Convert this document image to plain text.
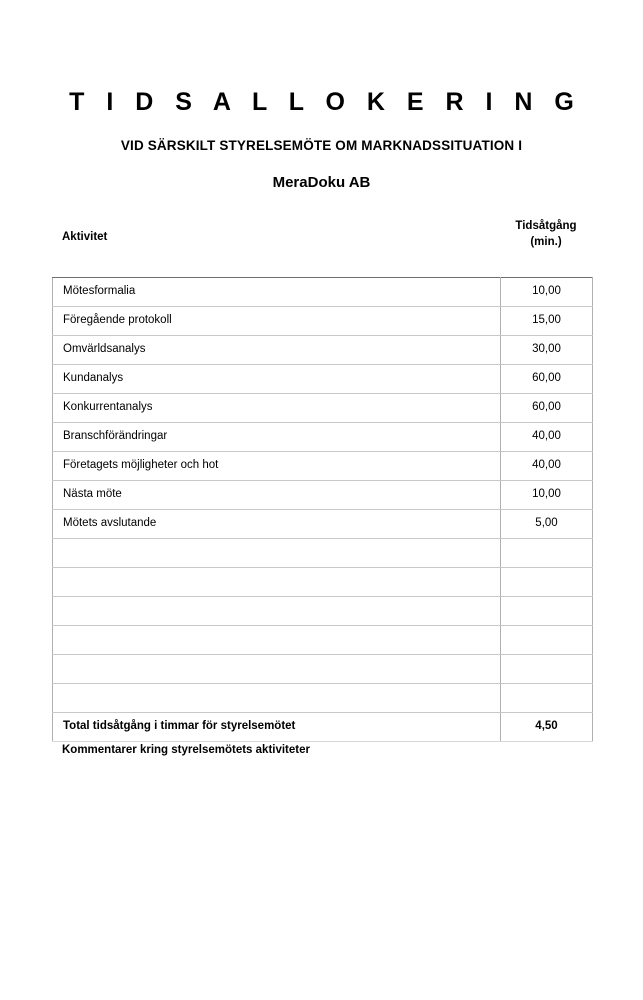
T I D S A L L O K E R I N G
VID SÄRSKILT STYRELSEMÖTE OM MARKNADSSITUATION I
MeraDoku AB
Aktivitet
Tidsåtgång
(min.)
Mötesformalia	10,00
Föregående protokoll	15,00
Omvärldsanalys	30,00
Kundanalys	60,00
Konkurrentanalys	60,00
Branschförändringar	40,00
Företagets möjligheter och hot	40,00
Nästa möte	10,00
Mötets avslutande	5,00

Total tidsåtgång i timmar för styrelsemötet	4,50
Kommentarer kring styrelsemötets aktiviteter
